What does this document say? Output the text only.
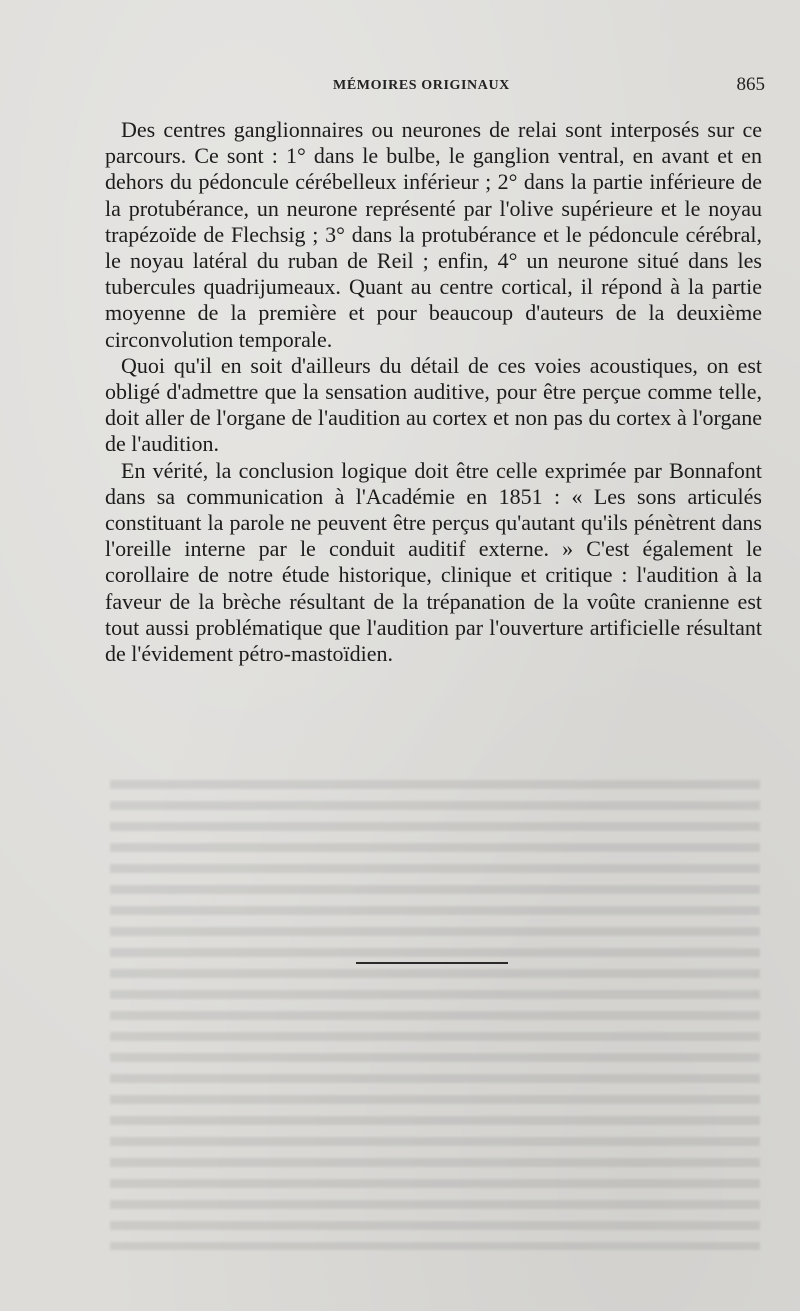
MÉMOIRES ORIGINAUX	865

Des centres ganglionnaires ou neurones de relai sont interposés sur ce parcours. Ce sont : 1° dans le bulbe, le ganglion ventral, en avant et en dehors du pédoncule cérébelleux inférieur ; 2° dans la partie inférieure de la protubérance, un neurone représenté par l'olive supérieure et le noyau trapézoïde de Flechsig ; 3° dans la protubérance et le pédoncule cérébral, le noyau latéral du ruban de Reil ; enfin, 4° un neurone situé dans les tubercules quadrijumeaux. Quant au centre cortical, il répond à la partie moyenne de la première et pour beaucoup d'auteurs de la deuxième circonvolution temporale.

Quoi qu'il en soit d'ailleurs du détail de ces voies acoustiques, on est obligé d'admettre que la sensation auditive, pour être perçue comme telle, doit aller de l'organe de l'audition au cortex et non pas du cortex à l'organe de l'audition.

En vérité, la conclusion logique doit être celle exprimée par Bonnafont dans sa communication à l'Académie en 1851 : « Les sons articulés constituant la parole ne peuvent être perçus qu'autant qu'ils pénètrent dans l'oreille interne par le conduit auditif externe. » C'est également le corollaire de notre étude historique, clinique et critique : l'audition à la faveur de la brèche résultant de la trépanation de la voûte cranienne est tout aussi problématique que l'audition par l'ouverture artificielle résultant de l'évidement pétro-mastoïdien.
